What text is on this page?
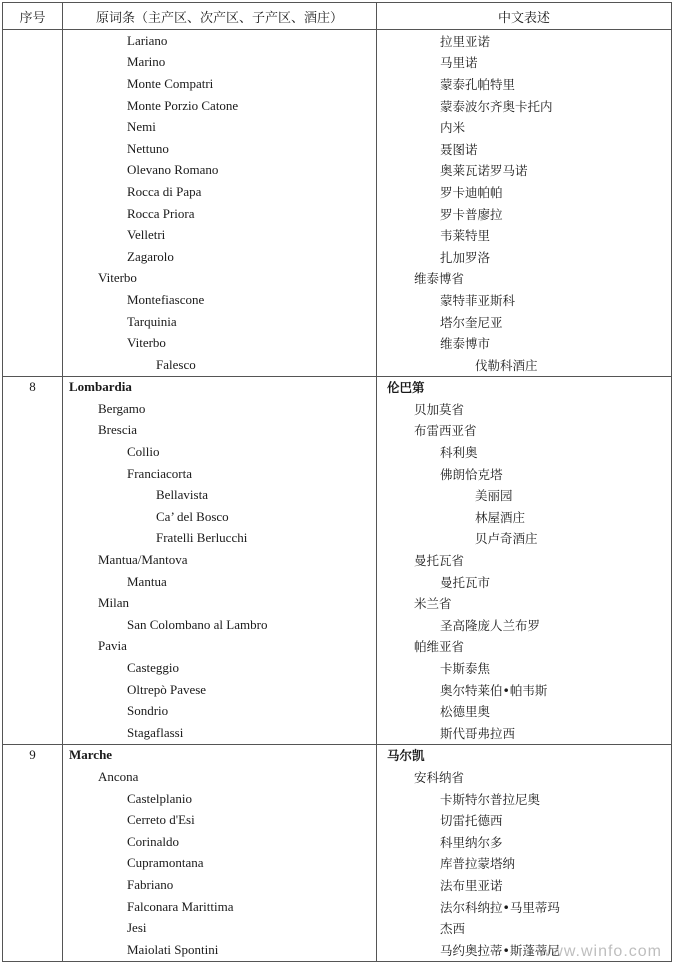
序号	原词条（主产区、次产区、子产区、酒庄）	中文表述
	Lariano	拉里亚诺
	Marino	马里诺
	Monte Compatri	蒙泰孔帕特里
	Monte Porzio Catone	蒙泰波尔齐奥卡托内
	Nemi	内米
	Nettuno	聂图诺
	Olevano Romano	奥莱瓦诺罗马诺
	Rocca di Papa	罗卡迪帕帕
	Rocca Priora	罗卡普廖拉
	Velletri	韦莱特里
	Zagarolo	扎加罗洛
	Viterbo	维泰博省
	Montefiascone	蒙特菲亚斯科
	Tarquinia	塔尔奎尼亚
	Viterbo	维泰博市
	Falesco	伐勒科酒庄
8	Lombardia	伦巴第
	Bergamo	贝加莫省
	Brescia	布雷西亚省
	Collio	科利奥
	Franciacorta	佛朗恰克塔
	Bellavista	美丽园
	Ca’ del Bosco	林屋酒庄
	Fratelli Berlucchi	贝卢奇酒庄
	Mantua/Mantova	曼托瓦省
	Mantua	曼托瓦市
	Milan	米兰省
	San Colombano al Lambro	圣高隆庞人兰布罗
	Pavia	帕维亚省
	Casteggio	卡斯泰焦
	Oltrepò Pavese	奥尔特莱伯•帕韦斯
	Sondrio	松德里奥
	Stagaflassi	斯代哥弗拉西
9	Marche	马尔凯
	Ancona	安科纳省
	Castelplanio	卡斯特尔普拉尼奥
	Cerreto d'Esi	切雷托德西
	Corinaldo	科里纳尔多
	Cupramontana	库普拉蒙塔纳
	Fabriano	法布里亚诺
	Falconara Marittima	法尔科纳拉•马里蒂玛
	Jesi	杰西
	Maiolati Spontini	马约奥拉蒂•斯蓬蒂尼
www.winfo.com
